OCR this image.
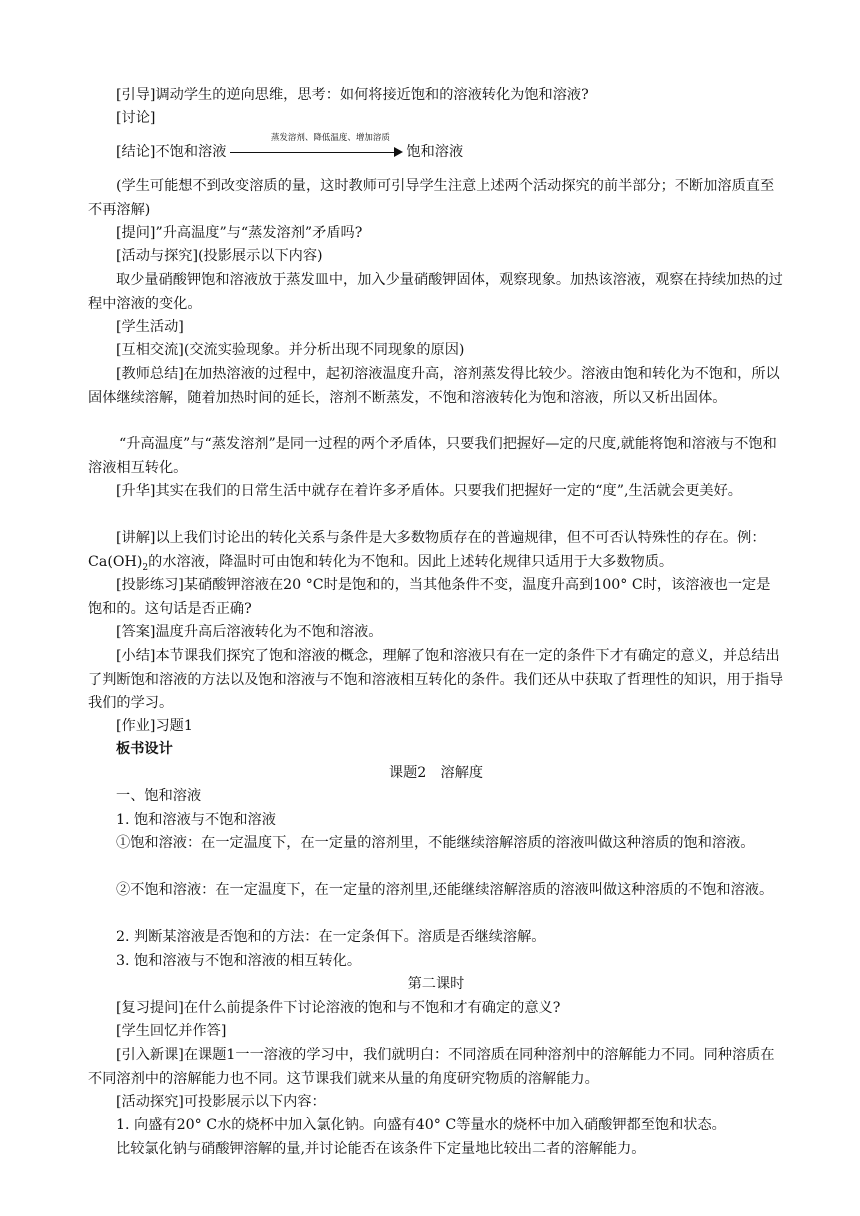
[引导]调动学生的逆向思维，思考：如何将接近饱和的溶液转化为饱和溶液?

[讨论]

[结论]不饱和溶液
蒸发溶剂、降低温度、增加溶质
饱和溶液

(学生可能想不到改变溶质的量，这时教师可引导学生注意上述两个活动探究的前半部分；不断加溶质直至不再溶解)

[提问]”升高温度”与“蒸发溶剂”矛盾吗?

[活动与探究](投影展示以下内容)

取少量硝酸钾饱和溶液放于蒸发皿中，加入少量硝酸钾固体，观察现象。加热该溶液，观察在持续加热的过程中溶液的变化。

[学生活动]

[互相交流](交流实验现象。并分析出现不同现象的原因)

[教师总结]在加热溶液的过程中，起初溶液温度升高，溶剂蒸发得比较少。溶液由饱和转化为不饱和，所以固体继续溶解，随着加热时间的延长，溶剂不断蒸发，不饱和溶液转化为饱和溶液，所以又析出固体。

“升高温度”与“蒸发溶剂”是同一过程的两个矛盾体，只要我们把握好—定的尺度,就能将饱和溶液与不饱和溶液相互转化。

[升华]其实在我们的日常生活中就存在着许多矛盾体。只要我们把握好一定的“度”,生活就会更美好。

[讲解]以上我们讨论出的转化关系与条件是大多数物质存在的普遍规律，但不可否认特殊性的存在。例：$Ca(OH)_2$的水溶液，降温时可由饱和转化为不饱和。因此上述转化规律只适用于大多数物质。

[投影练习]某硝酸钾溶液在20 °C时是饱和的，当其他条件不变，温度升高到100° C时，该溶液也一定是饱和的。这句话是否正确?

[答案]温度升高后溶液转化为不饱和溶液。

[小结]本节课我们探究了饱和溶液的概念，理解了饱和溶液只有在一定的条件下才有确定的意义，并总结出了判断饱和溶液的方法以及饱和溶液与不饱和溶液相互转化的条件。我们还从中获取了哲理性的知识，用于指导我们的学习。

[作业]习题1

板书设计

课题2　溶解度

一、饱和溶液

1. 饱和溶液与不饱和溶液

①饱和溶液：在一定温度下，在一定量的溶剂里，不能继续溶解溶质的溶液叫做这种溶质的饱和溶液。

②不饱和溶液：在一定温度下，在一定量的溶剂里,还能继续溶解溶质的溶液叫做这种溶质的不饱和溶液。

2. 判断某溶液是否饱和的方法：在一定条佴下。溶质是否继续溶解。

3. 饱和溶液与不饱和溶液的相互转化。

第二课时

[复习提问]在什么前提条件下讨论溶液的饱和与不饱和才有确定的意义?

[学生回忆并作答]

[引入新课]在课题1一一溶液的学习中，我们就明白：不同溶质在同种溶剂中的溶解能力不同。同种溶质在不同溶剂中的溶解能力也不同。这节课我们就来从量的角度研究物质的溶解能力。

[活动探究]可投影展示以下内容：

1. 向盛有20° C水的烧杯中加入氯化钠。向盛有40° C等量水的烧杯中加入硝酸钾都至饱和状态。

比较氯化钠与硝酸钾溶解的量,并讨论能否在该条件下定量地比较出二者的溶解能力。
